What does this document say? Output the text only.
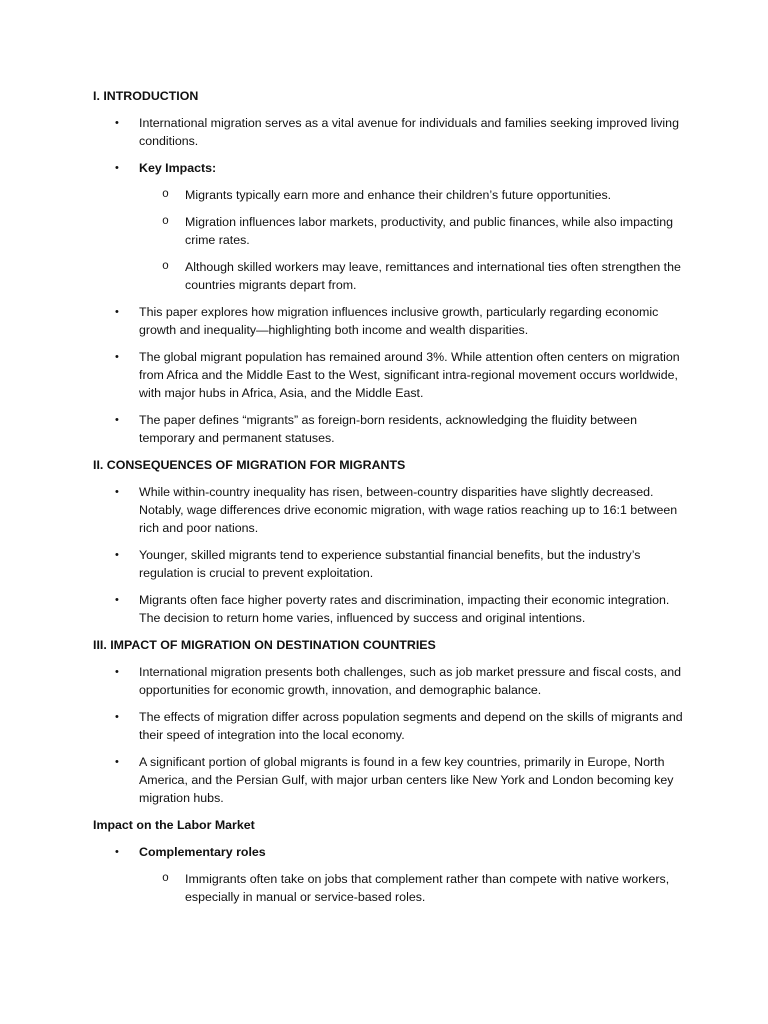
I. INTRODUCTION
• International migration serves as a vital avenue for individuals and families seeking improved living conditions.
• Key Impacts:
o Migrants typically earn more and enhance their children’s future opportunities.
o Migration influences labor markets, productivity, and public finances, while also impacting crime rates.
o Although skilled workers may leave, remittances and international ties often strengthen the countries migrants depart from.
• This paper explores how migration influences inclusive growth, particularly regarding economic growth and inequality—highlighting both income and wealth disparities.
• The global migrant population has remained around 3%. While attention often centers on migration from Africa and the Middle East to the West, significant intra-regional movement occurs worldwide, with major hubs in Africa, Asia, and the Middle East.
• The paper defines “migrants” as foreign-born residents, acknowledging the fluidity between temporary and permanent statuses.
II. CONSEQUENCES OF MIGRATION FOR MIGRANTS
• While within-country inequality has risen, between-country disparities have slightly decreased. Notably, wage differences drive economic migration, with wage ratios reaching up to 16:1 between rich and poor nations.
• Younger, skilled migrants tend to experience substantial financial benefits, but the industry’s regulation is crucial to prevent exploitation.
• Migrants often face higher poverty rates and discrimination, impacting their economic integration. The decision to return home varies, influenced by success and original intentions.
III. IMPACT OF MIGRATION ON DESTINATION COUNTRIES
• International migration presents both challenges, such as job market pressure and fiscal costs, and opportunities for economic growth, innovation, and demographic balance.
• The effects of migration differ across population segments and depend on the skills of migrants and their speed of integration into the local economy.
• A significant portion of global migrants is found in a few key countries, primarily in Europe, North America, and the Persian Gulf, with major urban centers like New York and London becoming key migration hubs.
Impact on the Labor Market
• Complementary roles
o Immigrants often take on jobs that complement rather than compete with native workers, especially in manual or service-based roles.
